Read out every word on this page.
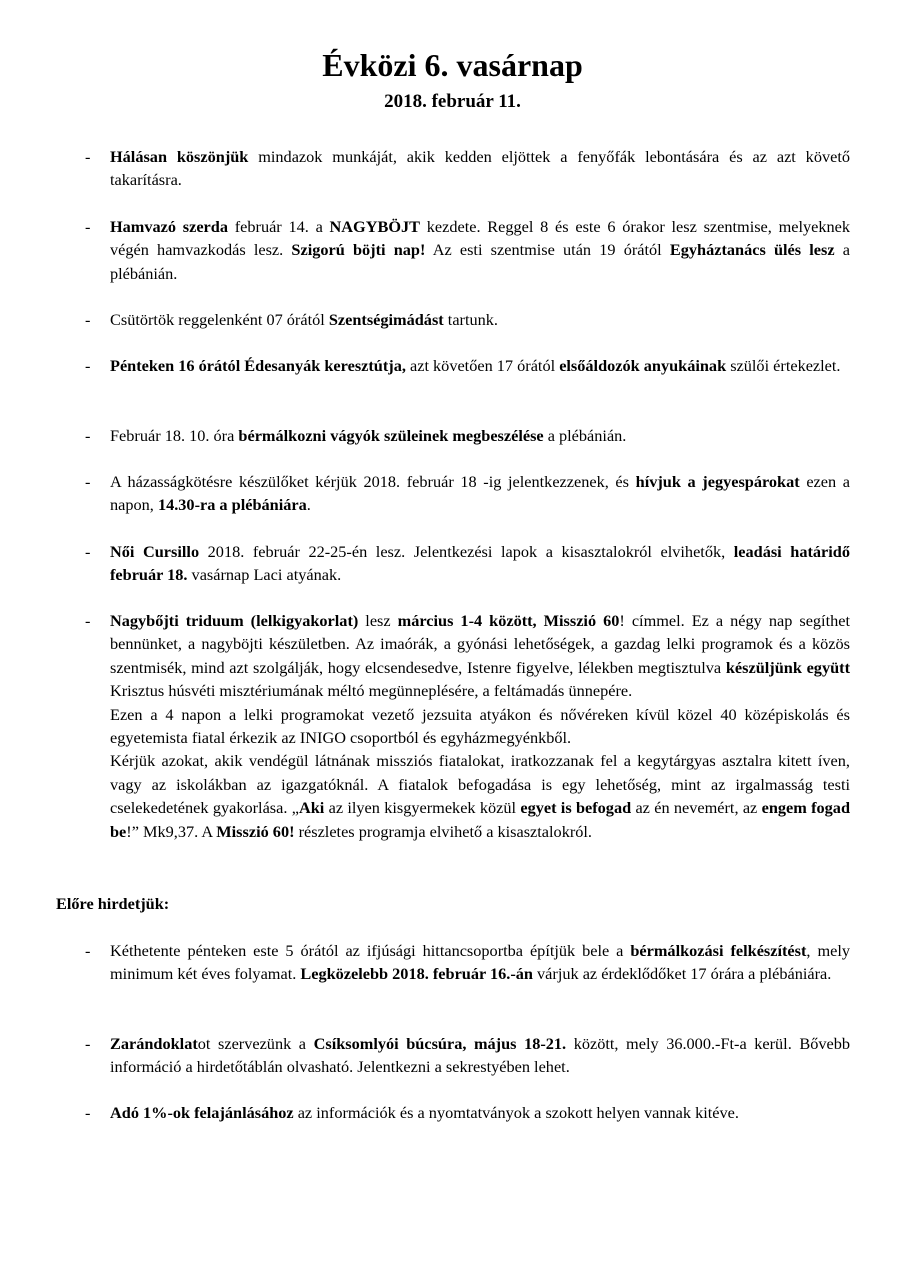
Évközi 6. vasárnap
2018. február 11.
- Hálásan köszönjük mindazok munkáját, akik kedden eljöttek a fenyőfák lebontására és az azt követő takarításra.

- Hamvazó szerda február 14. a NAGYBÖJT kezdete. Reggel 8 és este 6 órakor lesz szentmise, melyeknek végén hamvazkodás lesz. Szigorú böjti nap! Az esti szentmise után 19 órától Egyháztanács ülés lesz a plébánián.

- Csütörtök reggelenként 07 órától Szentségimádást tartunk.

- Pénteken 16 órától Édesanyák keresztútja, azt követően 17 órától elsőáldozók anyukáinak szülői értekezlet.

- Február 18. 10. óra bérmálkozni vágyók szüleinek megbeszélése a plébánián.

- A házasságkötésre készülőket kérjük 2018. február 18 -ig jelentkezzenek, és hívjuk a jegyespárokat ezen a napon, 14.30-ra a plébániára.

- Női Cursillo 2018. február 22-25-én lesz. Jelentkezési lapok a kisasztalokról elvihetők, leadási határidő február 18. vasárnap Laci atyának.

- Nagybőjti triduum (lelkigyakorlat) lesz március 1-4 között, Misszió 60! címmel. Ez a négy nap segíthet bennünket, a nagyböjti készületben. Az imaórák, a gyónási lehetőségek, a gazdag lelki programok és a közös szentmisék, mind azt szolgálják, hogy elcsendesedve, Istenre figyelve, lélekben megtisztulva készüljünk együtt Krisztus húsvéti misztériumának méltó megünneplésére, a feltámadás ünnepére.

Ezen a 4 napon a lelki programokat vezető jezsuita atyákon és nővéreken kívül közel 40 középiskolás és egyetemista fiatal érkezik az INIGO csoportból és egyházmegyénkből.

Kérjük azokat, akik vendégül látnának missziós fiatalokat, iratkozzanak fel a kegytárgyas asztalra kitett íven, vagy az iskolákban az igazgatóknál. A fiatalok befogadása is egy lehetőség, mint az irgalmasság testi cselekedetének gyakorlása. „Aki az ilyen kisgyermekek közül egyet is befogad az én nevemért, az engem fogad be!” Mk9,37. A Misszió 60! részletes programja elvihető a kisasztalokról.

Előre hirdetjük:
- Kéthetente pénteken este 5 órától az ifjúsági hittancsoportba építjük bele a bérmálkozási felkészítést, mely minimum két éves folyamat. Legközelebb 2018. február 16.-án várjuk az érdeklődőket 17 órára a plébániára.

- Zarándoklatot szervezünk a Csíksomlyói búcsúra, május 18-21. között, mely 36.000.-Ft-a kerül. Bővebb információ a hirdetőtáblán olvasható. Jelentkezni a sekrestyében lehet.

- Adó 1%-ok felajánlásához az információk és a nyomtatványok a szokott helyen vannak kitéve.
